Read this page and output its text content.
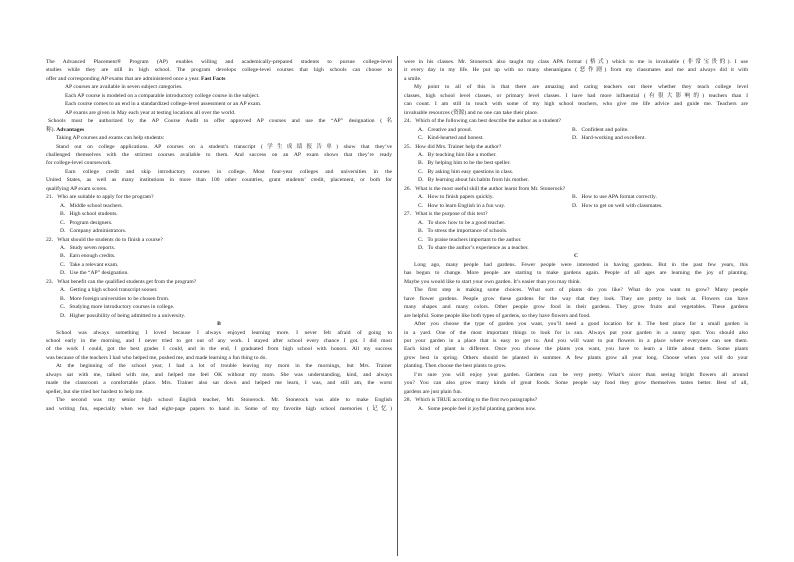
The Advanced Placement® Program (AP) enables willing and academically-prepared students to pursue college-level
studies while they are still in high school. The program develops college-level courses that high schools can choose to
offer and corresponding AP exams that are administered once a year. Fast Facts
AP courses are available in seven subject categories.
Each AP course is modeled on a comparable introductory college course in the subject.
Each course comes to an end in a standardized college-level assessment or an AP exam.
AP exams are given in May each year at testing locations all over the world.
Schools must be authorized by the AP Course Audit to offer approved AP courses and use the “AP” designation (名
称). Advantages
Taking AP courses and exams can help students:
Stand out on college applications. AP courses on a student’s transcript (学生成绩报告单) show that they’ve
challenged themselves with the strictest courses available to them. And success on an AP exam shows that they’re ready
for college-level coursework.
Earn college credit and skip introductory courses in college. Most four-year colleges and universities in the
United States, as well as many institutions in more than 100 other countries, grant students’ credit, placement, or both for
qualifying AP exam scores.
21．Who are suitable to apply for the program?
A．Middle school teachers.
B．High school students.
C．Program designers.
D．Company administrators.
22．What should the students do to finish a course?
A．Study seven reports.
B．Earn enough credits.
C．Take a relevant exam.
D．Use the “AP” designation.
23．What benefit can the qualified students get from the program?
A．Getting a high school transcript sooner.
B．More foreign universities to be chosen from.
C．Studying more introductory courses in college.
D．Higher possibility of being admitted to a university.
B
School was always something I loved because I always enjoyed learning more. I never felt afraid of going to
school early in the morning, and I never tried to get out of any work. I stayed after school every chance I got. I did most
of the work I could, got the best grades I could, and in the end, I graduated from high school with honors. All my success
was because of the teachers I had who helped me, pushed me, and made learning a fun thing to do.
At the beginning of the school year, I had a lot of trouble leaving my mom in the mornings, but Mrs. Trainer
always sat with me, talked with me, and helped me feel OK without my mom. She was understanding, kind, and always
made the classroom a comfortable place. Mrs. Trainer also sat down and helped me learn, I was, and still am, the worst
speller, but she tried her hardest to help me.
The second was my senior high school English teacher, Mr. Stonerock. Mr. Stonerock was able to make English
and writing fun, especially when we had eight-page papers to hand in. Some of my favorite high school memories (记忆)
were in his classes. Mr. Stonerock also taught my class APA format (格式) which to me is invaluable (非常宝贵的). I use
it every day in my life. He put up with so many shenanigans (恶作剧) from my classmates and me and always did it with
a smile.
My point to all of this is that there are amazing and caring teachers out there whether they teach college level
classes, high school level classes, or primary level classes. I have had more influential (有很大影响的) teachers than I
can count. I am still in touch with some of my high school teachers, who give me life advice and guide me. Teachers are
invaluable resources (资源) and no one can take their place.
24．Which of the following can best describe the author as a student?
A．Creative and proud.	B．Confident and polite.
C．Kind-hearted and honest.	D．Hard-working and excellent.
25．How did Mrs. Trainer help the author?
A．By teaching him like a mother.
B．By helping him to be the best speller.
C．By asking him easy questions in class.
D．By learning about his habits from his mother.
26．What is the most useful skill the author learnt from Mr. Stonerock?
A．How to finish papers quickly.	B．How to use APA format correctly.
C．How to learn English in a fun way.	D．How to get on well with classmates.
27．What is the purpose of this text?
A．To show how to be a good teacher.
B．To stress the importance of schools.
C．To praise teachers important to the author.
D．To share the author’s experience as a teacher.
C
Long ago, many people had gardens. Fewer people were interested in having gardens. But in the past few years, this
has begun to change. More people are starting to make gardens again. People of all ages are learning the joy of planting.
Maybe you would like to start your own garden. It’s easier than you may think.
The first step is making some choices. What sort of plants do you like? What do you want to grow? Many people
have flower gardens. People grow these gardens for the way that they look. They are pretty to look at. Flowers can have
many shapes and many colors. Other people grow food in their gardens. They grow fruits and vegetables. These gardens
are helpful. Some people like both types of gardens, so they have flowers and food.
After you choose the type of garden you want, you’ll need a good location for it. The best place for a small garden is
in a yard. One of the most important things to look for is sun. Always put your garden in a sunny spot. You should also
put your garden in a place that is easy to get to. And you will want to put flowers in a place where everyone can see them.
Each kind of plant is different. Once you choose the plants you want, you have to learn a little about them. Some plants
grow best in spring. Others should be planted in summer. A few plants grow all year long. Choose when you will do your
planting. Then choose the best plants to grow.
I’m sure you will enjoy your garden. Gardens can be very pretty. What’s nicer than seeing bright flowers all around
you? You can also grow many kinds of great foods. Some people say food they grow themselves tastes better. Best of all,
gardens are just plain fun.
28．Which is TRUE according to the first two paragraphs?
A．Some people feel it joyful planting gardens now.
